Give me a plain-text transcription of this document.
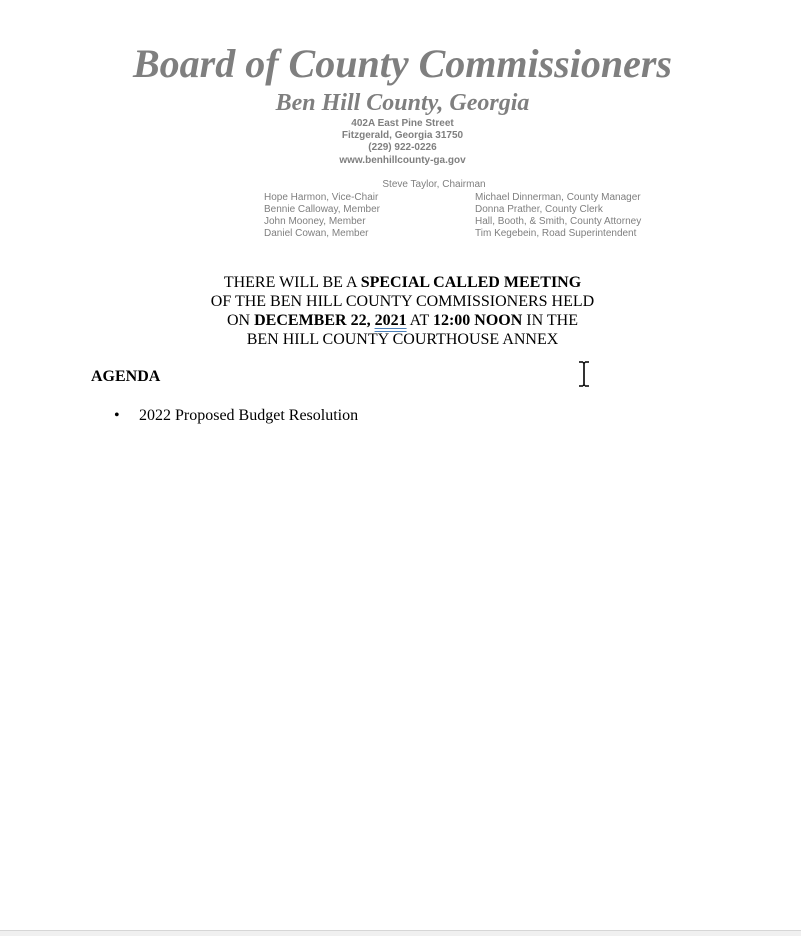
Board of County Commissioners
Ben Hill County, Georgia
402A East Pine Street
Fitzgerald, Georgia 31750
(229) 922-0226
www.benhillcounty-ga.gov
Steve Taylor, Chairman
Hope Harmon, Vice-Chair
Bennie Calloway, Member
John Mooney, Member
Daniel Cowan, Member
Michael Dinnerman, County Manager
Donna Prather, County Clerk
Hall, Booth, & Smith, County Attorney
Tim Kegebein, Road Superintendent
THERE WILL BE A SPECIAL CALLED MEETING
OF THE BEN HILL COUNTY COMMISSIONERS HELD
ON DECEMBER 22, 2021 AT 12:00 NOON IN THE
BEN HILL COUNTY COURTHOUSE ANNEX
AGENDA
•	2022 Proposed Budget Resolution
